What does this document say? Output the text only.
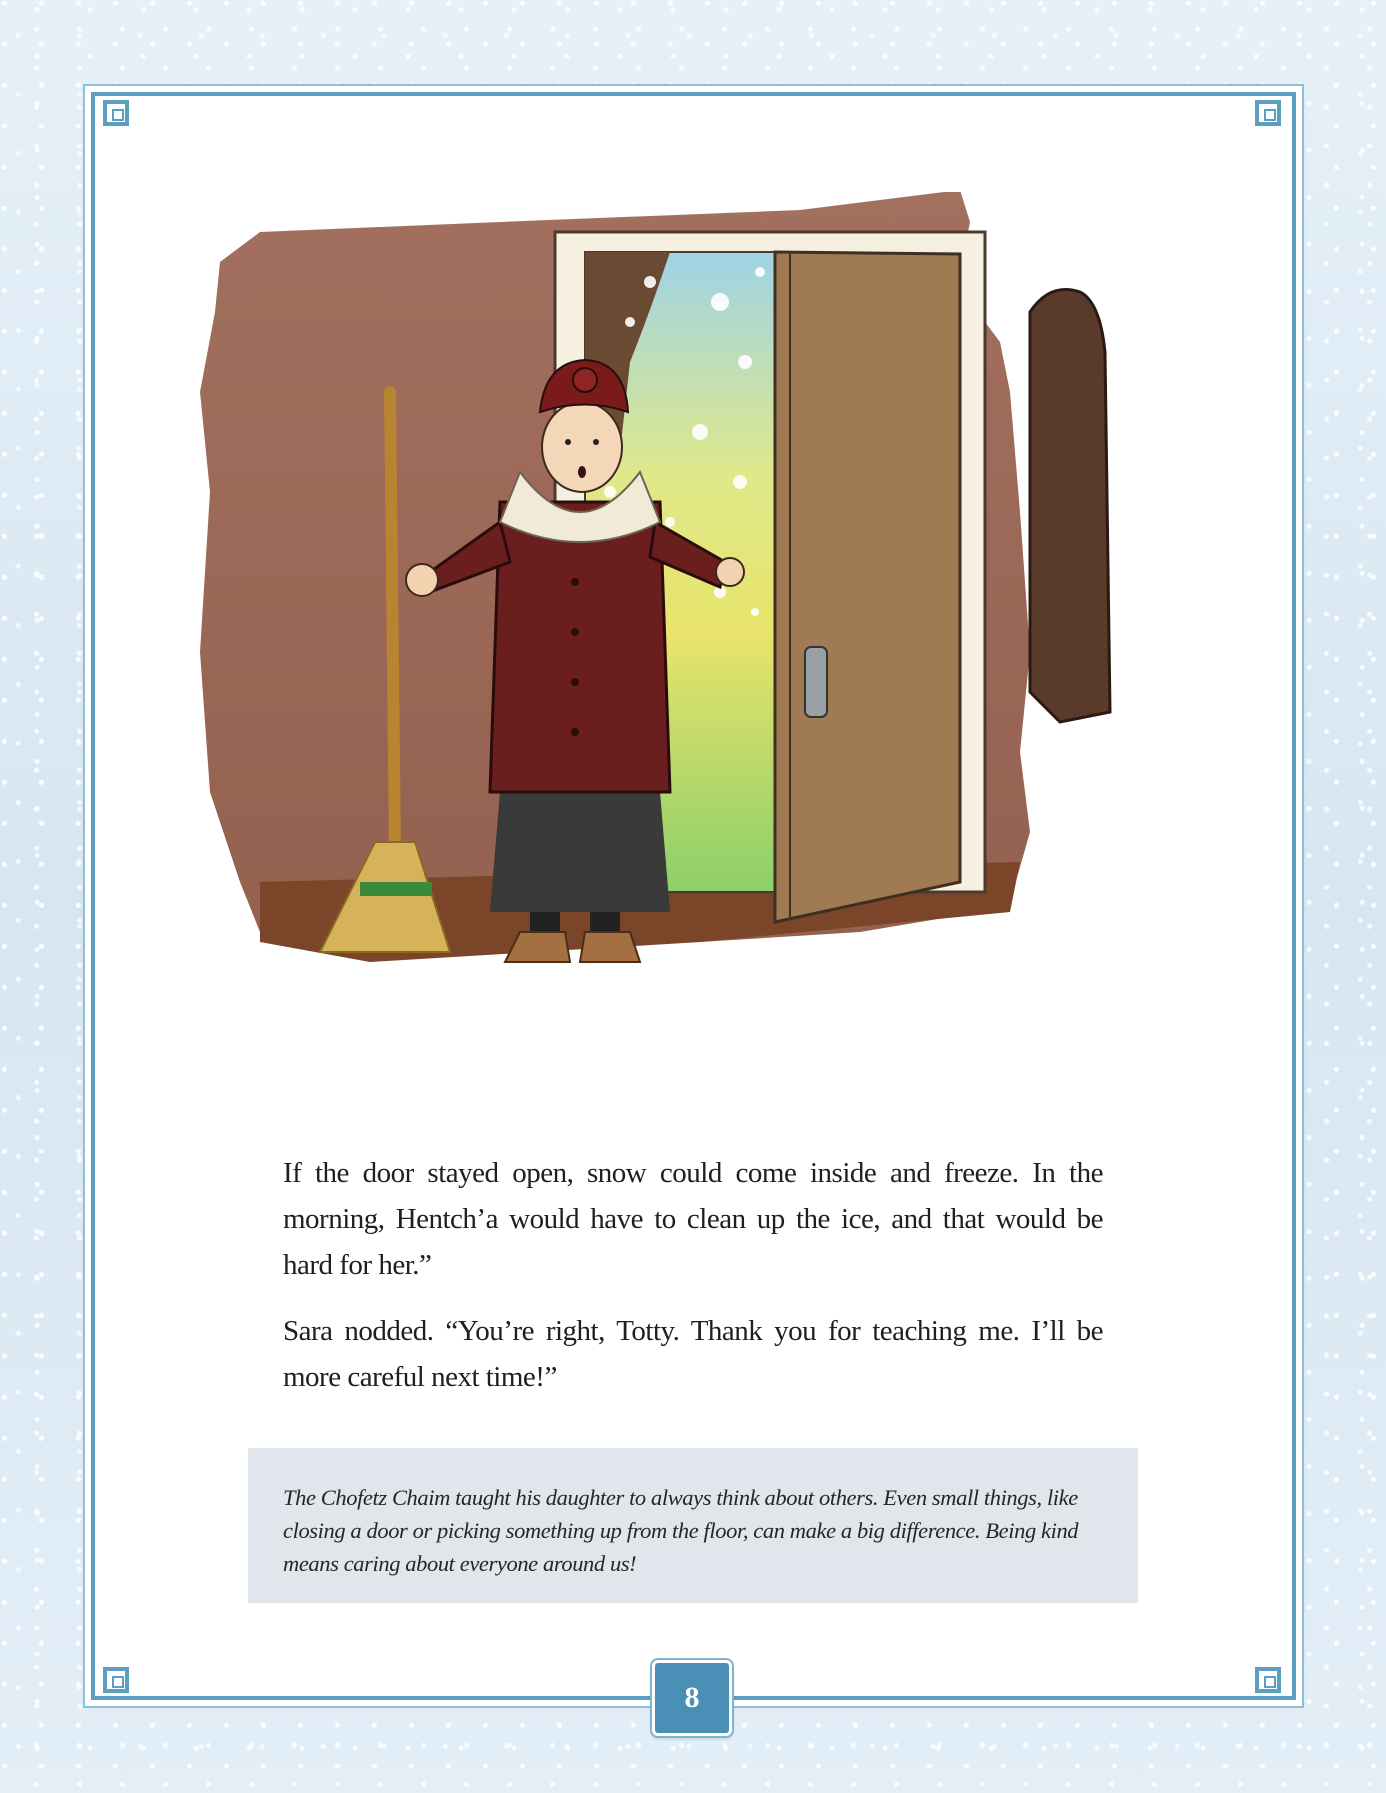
If the door stayed open, snow could come inside and freeze. In the morning, Hentch’a would have to clean up the ice, and that would be hard for her.”

Sara nodded. “You’re right, Totty. Thank you for teaching me. I’ll be more careful next time!”

The Chofetz Chaim taught his daughter to always think about others. Even small things, like closing a door or picking something up from the floor, can make a big difference. Being kind means caring about everyone around us!
8
